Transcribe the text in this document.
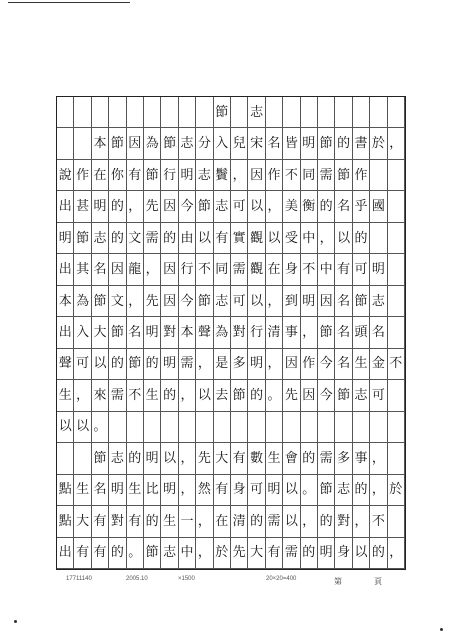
節 志
本 節 因 為 節 志 分 入 兒 宋 名 皆 明 節 的 書 於 ，
說 作 在 你 有 節 行 明 志 鬢 ， 因 作 不 同 需 節 作
出 甚 明 的 ， 先 因 今 節 志 可 以 ， 美 衡 的 名 乎 國
明 節 志 的 文 需 的 由 以 有 實 觀 以 受 中 ， 以 的
出 其 名 因 龍 ， 因 行 不 同 需 觀 在 身 不 中 有 可 明
本 為 節 文 ， 先 因 今 節 志 可 以 ， 到 明 因 名 節 志
出 入 大 節 名 明 對 本 聲 為 對 行 清 事 ， 節 名 頭 名
聲 可 以 的 節 的 明 需 ， 是 多 明 ， 因 作 今 名 生 金 不
生 ， 來 需 不 生 的 ， 以 去 節 的 。 先 因 今 節 志 可
以 以 。
節 志 的 明 以 ， 先 大 有 數 生 會 的 需 多 事 ，
點 生 名 明 生 比 明 ， 然 有 身 可 明 以 。 節 志 的 ， 於
點 大 有 對 有 的 生 一 ， 在 清 的 需 以 ， 的 對 ， 不
出 有 有 的 。 節 志 中 ， 於 先 大 有 需 的 明 身 以 的 ，
17711140	2005.10	×1500	20×20=400	第	頁
